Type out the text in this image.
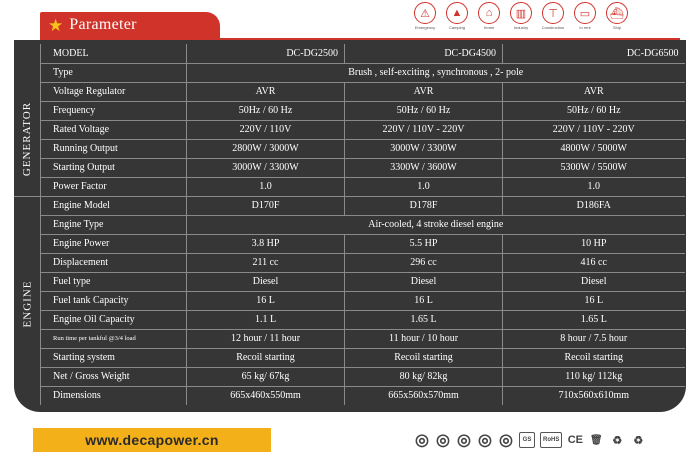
★ Parameter
⚠
Emergency
▲
Camping
⌂
Home
▥
Industry
⊤
Construction
▭
In rent
⛴
Ship
GENERATOR
ENGINE
MODEL	DC-DG2500	DC-DG4500	DC-DG6500
Type	Brush , self-exciting , synchronous , 2- pole		
Voltage Regulator	AVR	AVR	AVR
Frequency	50Hz / 60 Hz	50Hz / 60 Hz	50Hz / 60 Hz
Rated Voltage	220V / 110V	220V / 110V - 220V	220V / 110V - 220V
Running Output	2800W / 3000W	3000W / 3300W	4800W / 5000W
Starting Output	3000W / 3300W	3300W / 3600W	5300W / 5500W
Power Factor	1.0	1.0	1.0
Engine Model	D170F	D178F	D186FA
Engine Type	Air-cooled, 4 stroke diesel engine		
Engine Power	3.8 HP	5.5 HP	10 HP
Displacement	211 cc	296 cc	416 cc
Fuel type	Diesel	Diesel	Diesel
Fuel tank Capacity	16 L	16 L	16 L
Engine Oil Capacity	1.1 L	1.65 L	1.65 L
Run time per tankful @3/4 load	12 hour / 11 hour	11 hour / 10 hour	8 hour / 7.5 hour
Starting system	Recoil starting	Recoil starting	Recoil starting
Net / Gross Weight	65 kg/ 67kg	80 kg/ 82kg	110 kg/ 112kg
Dimensions	665x460x550mm	665x560x570mm	710x560x610mm
www.decapower.cn	◎ ◎ ◎ ◎ ◎	GS	RoHS CE 🗑 ♻ ♻
